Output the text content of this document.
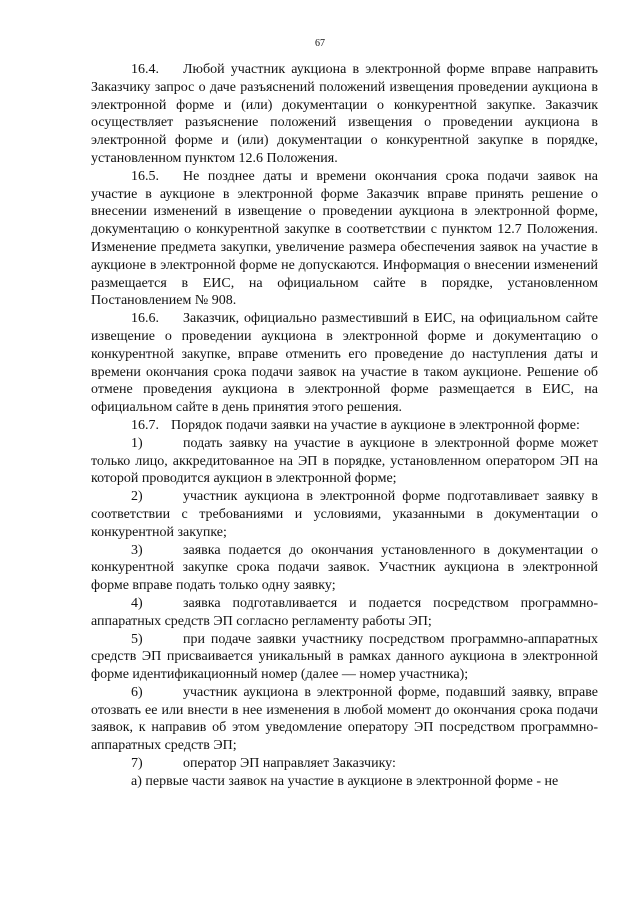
67

16.4. Любой участник аукциона в электронной форме вправе направить Заказчику запрос о даче разъяснений положений извещения проведении аукциона в электронной форме и (или) документации о конкурентной закупке. Заказчик осуществляет разъяснение положений извещения о проведении аукциона в электронной форме и (или) документации о конкурентной закупке в порядке, установленном пунктом 12.6 Положения.

16.5. Не позднее даты и времени окончания срока подачи заявок на участие в аукционе в электронной форме Заказчик вправе принять решение о внесении изменений в извещение о проведении аукциона в электронной форме, документацию о конкурентной закупке в соответствии с пунктом 12.7 Положения. Изменение предмета закупки, увеличение размера обеспечения заявок на участие в аукционе в электронной форме не допускаются. Информация о внесении изменений размещается в ЕИС, на официальном сайте в порядке, установленном Постановлением № 908.

16.6. Заказчик, официально разместивший в ЕИС, на официальном сайте извещение о проведении аукциона в электронной форме и документацию о конкурентной закупке, вправе отменить его проведение до наступления даты и времени окончания срока подачи заявок на участие в таком аукционе. Решение об отмене проведения аукциона в электронной форме размещается в ЕИС, на официальном сайте в день принятия этого решения.

16.7. Порядок подачи заявки на участие в аукционе в электронной форме:

1)	подать заявку на участие в аукционе в электронной форме может только лицо, аккредитованное на ЭП в порядке, установленном оператором ЭП на которой проводится аукцион в электронной форме;

2)	участник аукциона в электронной форме подготавливает заявку в соответствии с требованиями и условиями, указанными в документации о конкурентной закупке;

3)	заявка подается до окончания установленного в документации о конкурентной закупке срока подачи заявок. Участник аукциона в электронной форме вправе подать только одну заявку;

4)	заявка подготавливается и подается посредством программно-аппаратных средств ЭП согласно регламенту работы ЭП;

5)	при подаче заявки участнику посредством программно-аппаратных средств ЭП присваивается уникальный в рамках данного аукциона в электронной форме идентификационный номер (далее — номер участника);

6)	участник аукциона в электронной форме, подавший заявку, вправе отозвать ее или внести в нее изменения в любой момент до окончания срока подачи заявок, к направив об этом уведомление оператору ЭП посредством программно-аппаратных средств ЭП;

7)	оператор ЭП направляет Заказчику:

а) первые части заявок на участие в аукционе в электронной форме - не
